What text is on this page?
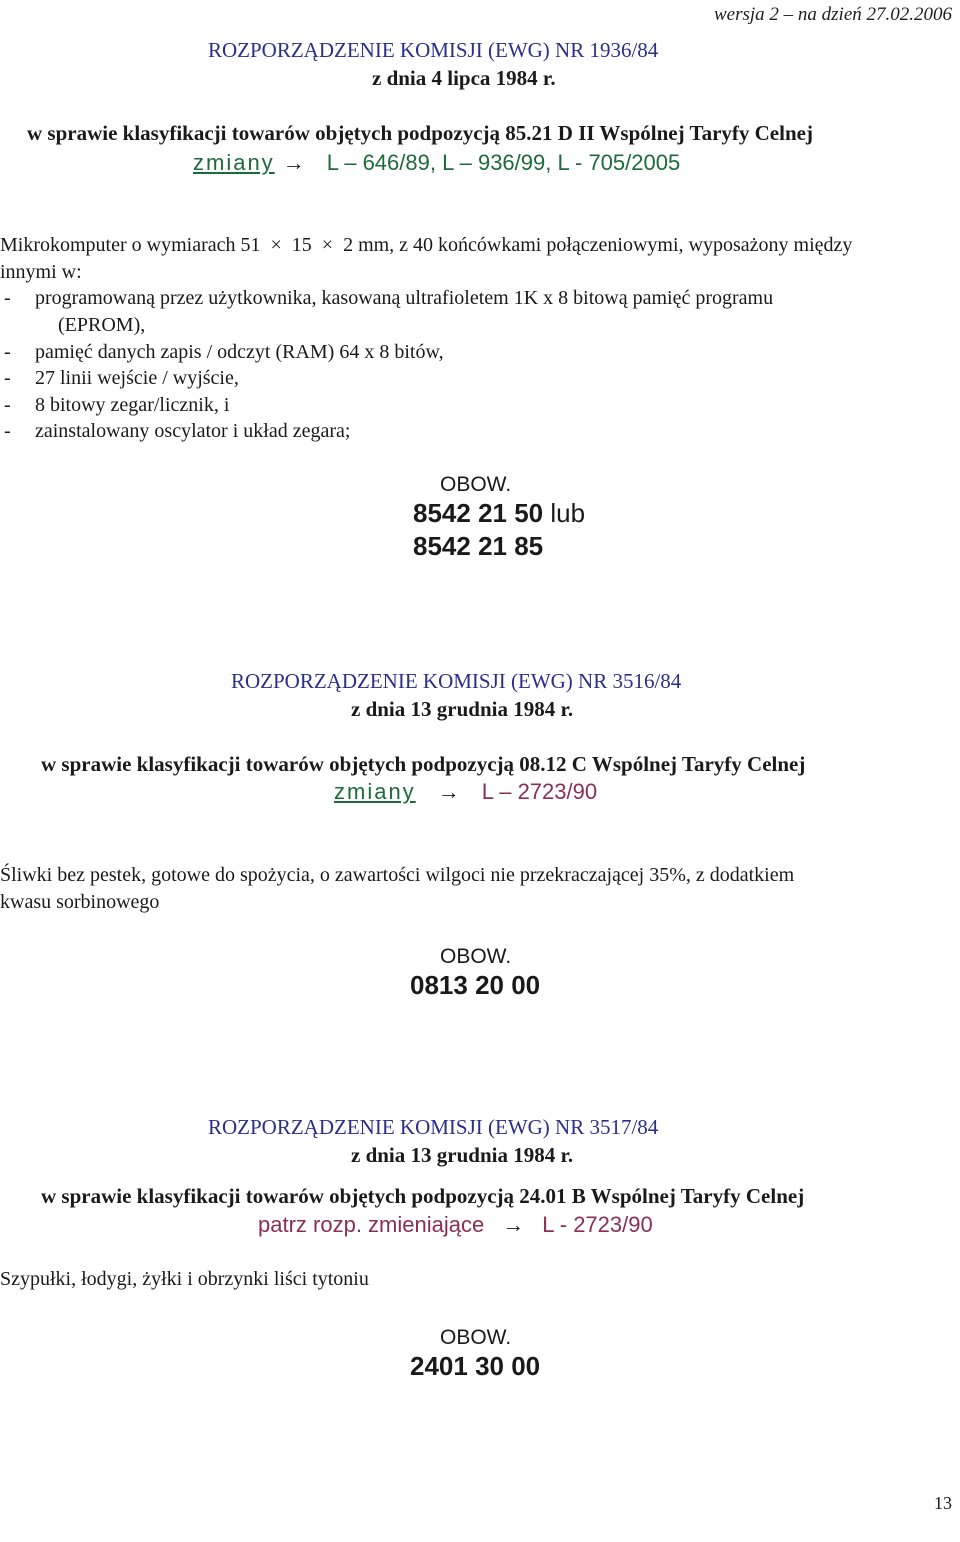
wersja 2 – na dzień 27.02.2006
ROZPORZĄDZENIE KOMISJI (EWG) NR 1936/84
z dnia 4 lipca 1984 r.
w sprawie klasyfikacji towarów objętych podpozycją 85.21 D II Wspólnej Taryfy Celnej
zmiany → L – 646/89, L – 936/99, L - 705/2005
Mikrokomputer o wymiarach 51 × 15 × 2 mm, z 40 końcówkami połączeniowymi, wyposażony między
innymi w:
- programowaną przez użytkownika, kasowaną ultrafioletem 1K x 8 bitową pamięć programu
(EPROM),
- pamięć danych zapis / odczyt (RAM) 64 x 8 bitów,
- 27 linii wejście / wyjście,
- 8 bitowy zegar/licznik, i
- zainstalowany oscylator i układ zegara;
OBOW.
8542 21 50 lub
8542 21 85
ROZPORZĄDZENIE KOMISJI (EWG) NR 3516/84
z dnia 13 grudnia 1984 r.
w sprawie klasyfikacji towarów objętych podpozycją 08.12 C Wspólnej Taryfy Celnej
zmiany → L – 2723/90
Śliwki bez pestek, gotowe do spożycia, o zawartości wilgoci nie przekraczającej 35%, z dodatkiem
kwasu sorbinowego
OBOW.
0813 20 00
ROZPORZĄDZENIE KOMISJI (EWG) NR 3517/84
z dnia 13 grudnia 1984 r.
w sprawie klasyfikacji towarów objętych podpozycją 24.01 B Wspólnej Taryfy Celnej
patrz rozp. zmieniające → L - 2723/90
Szypułki, łodygi, żyłki i obrzynki liści tytoniu
OBOW.
2401 30 00
13
